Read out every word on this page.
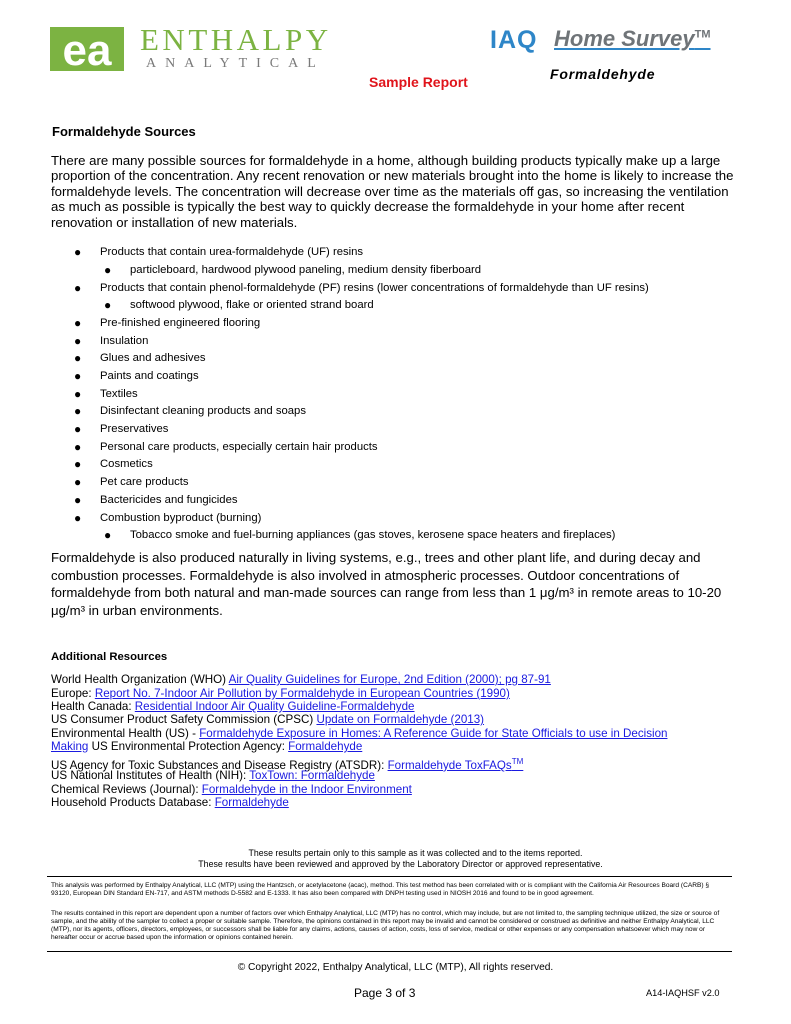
ea ENTHALPY
ANALYTICAL
IAQ Home Survey™
Formaldehyde
Sample Report
Formaldehyde Sources

There are many possible sources for formaldehyde in a home, although building products typically make up a large proportion of the concentration. Any recent renovation or new materials brought into the home is likely to increase the formaldehyde levels. The concentration will decrease over time as the materials off gas, so increasing the ventilation as much as possible is typically the best way to quickly decrease the formaldehyde in your home after recent renovation or installation of new materials.

● Products that contain urea-formaldehyde (UF) resins
● particleboard, hardwood plywood paneling, medium density fiberboard
● Products that contain phenol-formaldehyde (PF) resins (lower concentrations of formaldehyde than UF resins)
● softwood plywood, flake or oriented strand board
● Pre-finished engineered flooring
● Insulation
● Glues and adhesives
● Paints and coatings
● Textiles
● Disinfectant cleaning products and soaps
● Preservatives
● Personal care products, especially certain hair products
● Cosmetics
● Pet care products
● Bactericides and fungicides
● Combustion byproduct (burning)
● Tobacco smoke and fuel-burning appliances (gas stoves, kerosene space heaters and fireplaces)

Formaldehyde is also produced naturally in living systems, e.g., trees and other plant life, and during decay and combustion processes. Formaldehyde is also involved in atmospheric processes. Outdoor concentrations of formaldehyde from both natural and man-made sources can range from less than 1 μg/m³ in remote areas to 10-20 μg/m³ in urban environments.

Additional Resources
World Health Organization (WHO) Air Quality Guidelines for Europe, 2nd Edition (2000); pg 87-91
Europe: Report No. 7-Indoor Air Pollution by Formaldehyde in European Countries (1990)
Health Canada: Residential Indoor Air Quality Guideline-Formaldehyde
US Consumer Product Safety Commission (CPSC) Update on Formaldehyde (2013)
Environmental Health (US) - Formaldehyde Exposure in Homes: A Reference Guide for State Officials to use in Decision
Making US Environmental Protection Agency: Formaldehyde
US Agency for Toxic Substances and Disease Registry (ATSDR): Formaldehyde ToxFAQs™
US National Institutes of Health (NIH): ToxTown: Formaldehyde
Chemical Reviews (Journal): Formaldehyde in the Indoor Environment
Household Products Database: Formaldehyde
These results pertain only to this sample as it was collected and to the items reported.
These results have been reviewed and approved by the Laboratory Director or approved representative.

This analysis was performed by Enthalpy Analytical, LLC (MTP) using the Hantzsch, or acetylacetone (acac), method. This test method has been correlated with or is compliant with the California Air Resources Board (CARB) § 93120, European DIN Standard EN-717, and ASTM methods D-5582 and E-1333. It has also been compared with DNPH testing used in NIOSH 2016 and found to be in good agreement.

The results contained in this report are dependent upon a number of factors over which Enthalpy Analytical, LLC (MTP) has no control, which may include, but are not limited to, the sampling technique utilized, the size or source of sample, and the ability of the sampler to collect a proper or suitable sample. Therefore, the opinions contained in this report may be invalid and cannot be considered or construed as definitive and neither Enthalpy Analytical, LLC (MTP), nor its agents, officers, directors, employees, or successors shall be liable for any claims, actions, causes of action, costs, loss of service, medical or other expenses or any compensation whatsoever which may now or hereafter occur or accrue based upon the information or opinions contained herein.

© Copyright 2022, Enthalpy Analytical, LLC (MTP), All rights reserved.
Page 3 of 3	A14-IAQHSF v2.0
